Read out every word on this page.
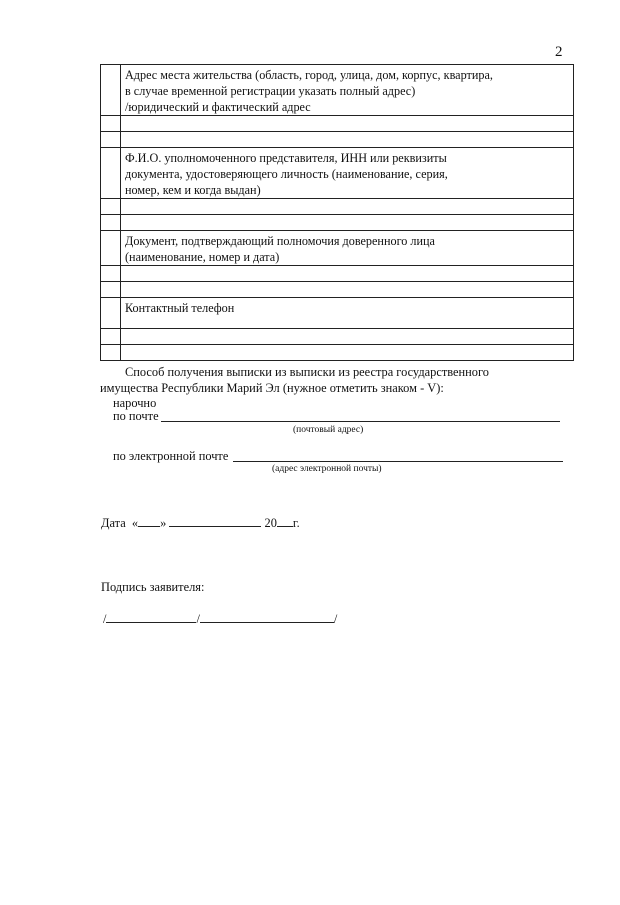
2

	Адрес места жительства (область, город, улица, дом, корпус, квартира,
в случае временной регистрации указать полный адрес)
/юридический и фактический адрес

	Ф.И.О. уполномоченного представителя, ИНН или реквизиты
документа, удостоверяющего личность (наименование, серия,
номер, кем и когда выдан)

	Документ, подтверждающий полномочия доверенного лица
(наименование, номер и дата)

	Контактный телефон

Способ получения выписки из выписки из реестра государственного
имущества Республики Марий Эл (нужное отметить знаком - V):

нарочно
по почте
(почтовый адрес)
по электронной почте
(адрес электронной почты)
Дата « »	20 г.
Подпись заявителя:
/	/	/
